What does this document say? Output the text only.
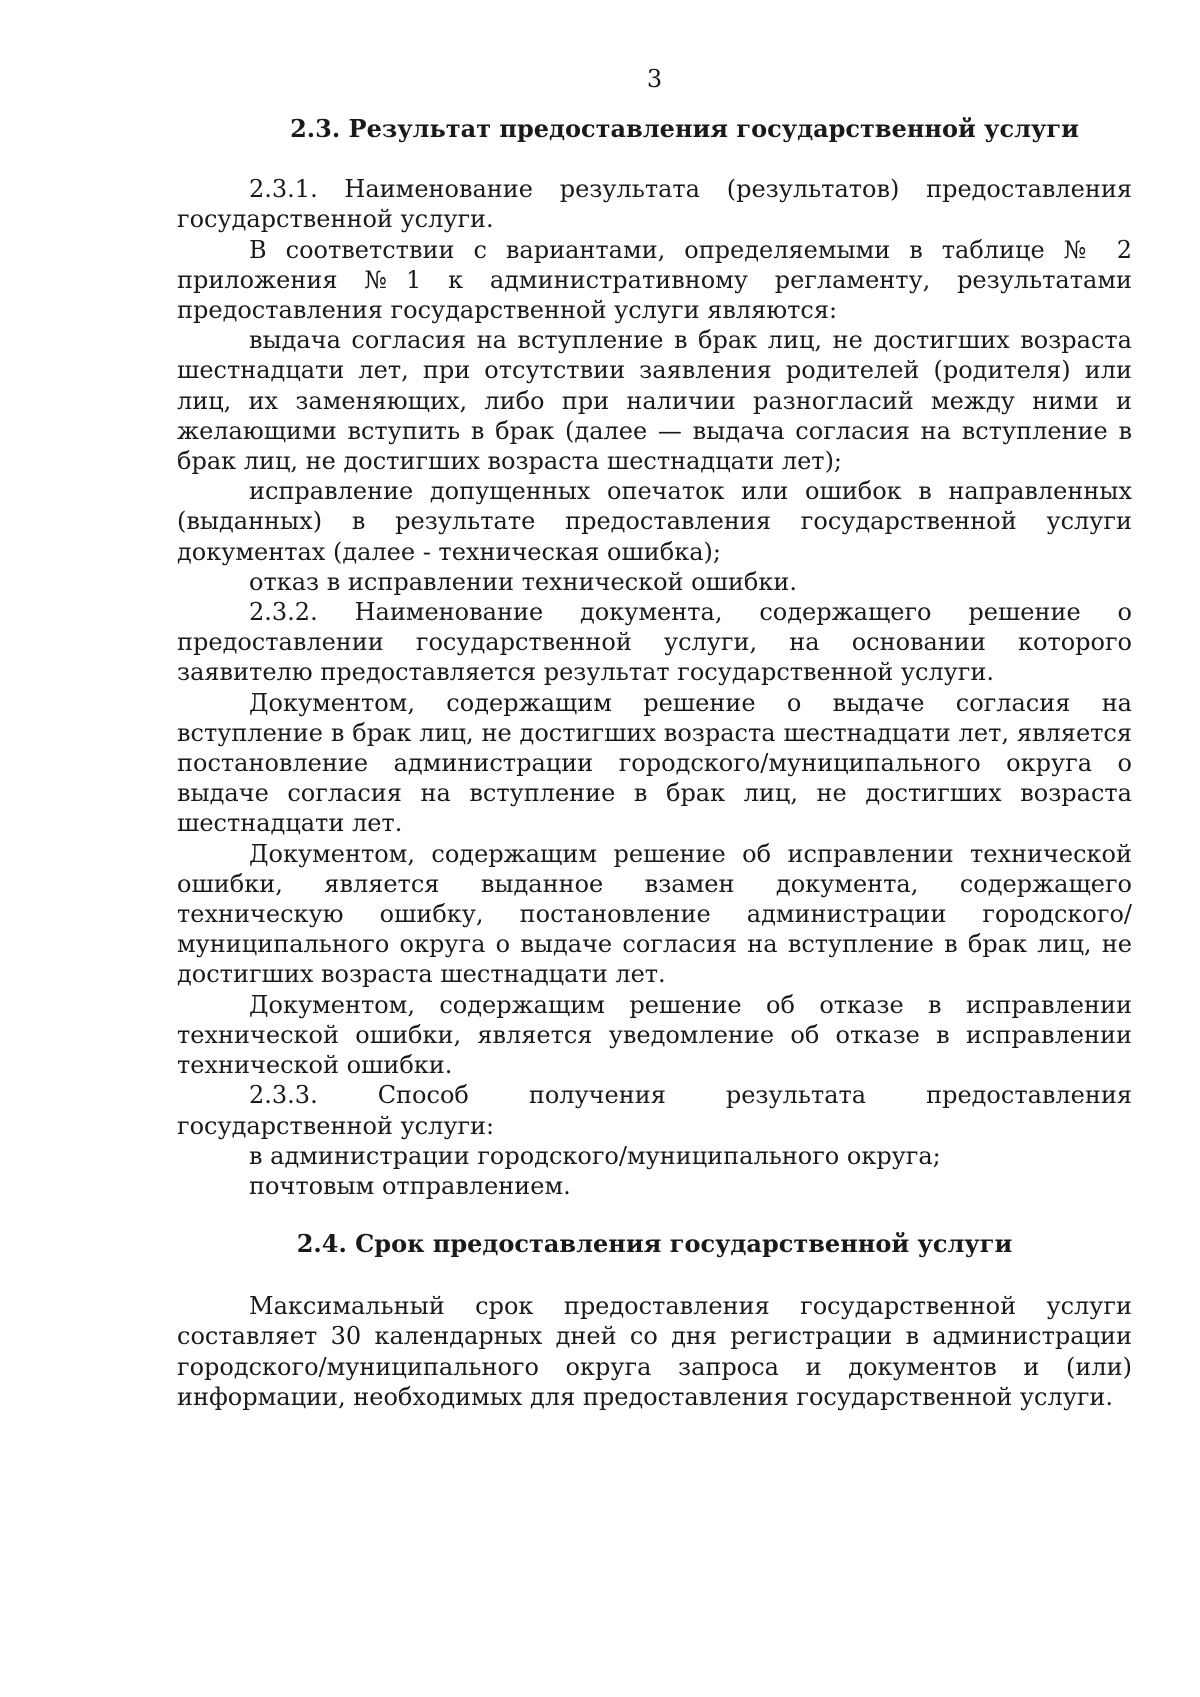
3
2.3. Результат предоставления государственной услуги

2.3.1. Наименование результата (результатов) предоставления государственной услуги.

В соответствии с вариантами, определяемыми в таблице № 2 приложения №1 к административному регламенту, результатами предоставления государственной услуги являются:

выдача согласия на вступление в брак лиц, не достигших возраста шестнадцати лет, при отсутствии заявления родителей (родителя) или лиц, их заменяющих, либо при наличии разногласий между ними и желающими вступить в брак (далее — выдача согласия на вступление в брак лиц, не достигших возраста шестнадцати лет);

исправление допущенных опечаток или ошибок в направленных (выданных) в результате предоставления государственной услуги документах (далее - техническая ошибка);

отказ в исправлении технической ошибки.

2.3.2. Наименование документа, содержащего решение о предоставлении государственной услуги, на основании которого заявителю предоставляется результат государственной услуги.

Документом, содержащим решение о выдаче согласия на вступление в брак лиц, не достигших возраста шестнадцати лет, является постановление администрации городского/муниципального округа о выдаче согласия на вступление в брак лиц, не достигших возраста шестнадцати лет.

Документом, содержащим решение об исправлении технической ошибки, является выданное взамен документа, содержащего техническую ошибку, постановление администрации городского/муниципального округа о выдаче согласия на вступление в брак лиц, не достигших возраста шестнадцати лет.

Документом, содержащим решение об отказе в исправлении технической ошибки, является уведомление об отказе в исправлении технической ошибки.

2.3.3. Способ получения результата предоставления государственной услуги:

в администрации городского/муниципального округа;

почтовым отправлением.

2.4. Срок предоставления государственной услуги

Максимальный срок предоставления государственной услуги составляет 30 календарных дней со дня регистрации в администрации городского/муниципального округа запроса и документов и (или) информации, необходимых для предоставления государственной услуги.
